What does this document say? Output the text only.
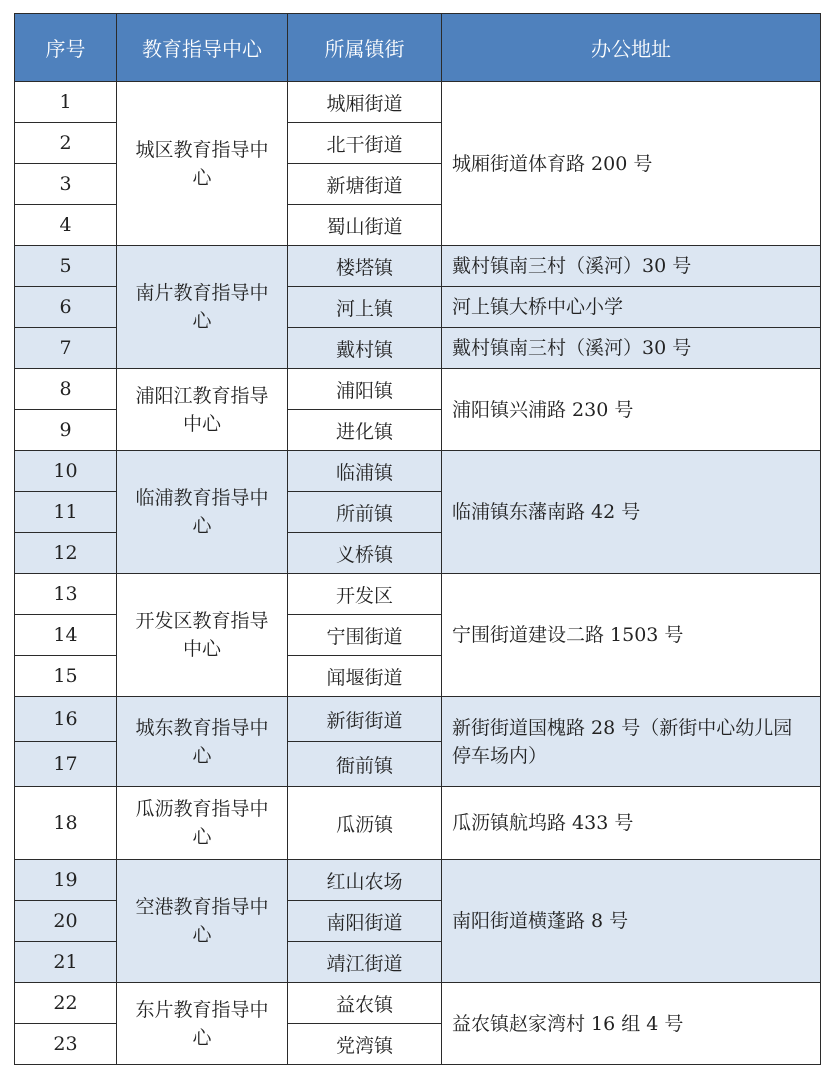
序号	教育指导中心	所属镇街	办公地址
1	城区教育指导中心	城厢街道	城厢街道体育路 200 号
2		北干街道	
3		新塘街道	
4		蜀山街道	
5	南片教育指导中心	楼塔镇	戴村镇南三村（溪河）30 号
6		河上镇	河上镇大桥中心小学
7		戴村镇	戴村镇南三村（溪河）30 号
8	浦阳江教育指导中心	浦阳镇	浦阳镇兴浦路 230 号
9		进化镇	
10	临浦教育指导中心	临浦镇	临浦镇东藩南路 42 号
11		所前镇	
12		义桥镇	
13	开发区教育指导中心	开发区	宁围街道建设二路 1503 号
14		宁围街道	
15		闻堰街道	
16	城东教育指导中心	新街街道	新街街道国槐路 28 号（新街中心幼儿园停车场内）
17		衙前镇	
18	瓜沥教育指导中心	瓜沥镇	瓜沥镇航坞路 433 号
19	空港教育指导中心	红山农场	南阳街道横蓬路 8 号
20		南阳街道	
21		靖江街道	
22	东片教育指导中心	益农镇	益农镇赵家湾村 16 组 4 号
23		党湾镇	
